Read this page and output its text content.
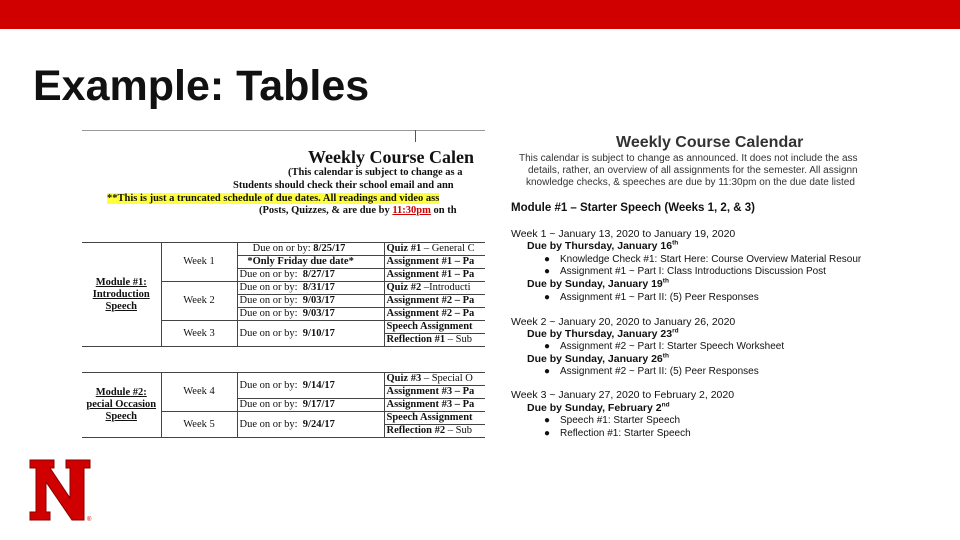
Example: Tables
Weekly Course Calen
(This calendar is subject to change as a
Students should check their school email and ann
**This is just a truncated schedule of due dates. All readings and video ass
(Posts, Quizzes, & are due by 11:30pm on th
Module #1: Introduction Speech	Week 1	Due on or by: 8/25/17	Quiz #1 – General C
		*Only Friday due date*	Assignment #1 – Pa
		Due on or by: 8/27/17	Assignment #1 – Pa
	Week 2	Due on or by: 8/31/17	Quiz #2 –Introducti
		Due on or by: 9/03/17	Assignment #2 – Pa
		Due on or by: 9/03/17	Assignment #2 – Pa
	Week 3	Due on or by: 9/10/17	Speech Assignment
			Reflection #1 – Sub
Module #2: pecial Occasion Speech	Week 4	Due on or by: 9/14/17	Quiz #3 – Special O
			Assignment #3 – Pa
		Due on or by: 9/17/17	Assignment #3 – Pa
	Week 5	Due on or by: 9/24/17	Speech Assignment
			Reflection #2 – Sub
Weekly Course Calendar
This calendar is subject to change as announced. It does not include the ass
details, rather, an overview of all assignments for the semester. All assignn
knowledge checks, & speeches are due by 11:30pm on the due date listed
Module #1 – Starter Speech (Weeks 1, 2, & 3)
Week 1 ~ January 13, 2020 to January 19, 2020
Due by Thursday, January 16th
● Knowledge Check #1: Start Here: Course Overview Material Resour
● Assignment #1 ~ Part I: Class Introductions Discussion Post
Due by Sunday, January 19th
● Assignment #1 ~ Part II: (5) Peer Responses
Week 2 ~ January 20, 2020 to January 26, 2020
Due by Thursday, January 23rd
● Assignment #2 ~ Part I: Starter Speech Worksheet
Due by Sunday, January 26th
● Assignment #2 ~ Part II: (5) Peer Responses
Week 3 ~ January 27, 2020 to February 2, 2020
Due by Sunday, February 2nd
● Speech #1: Starter Speech
● Reflection #1: Starter Speech
®
